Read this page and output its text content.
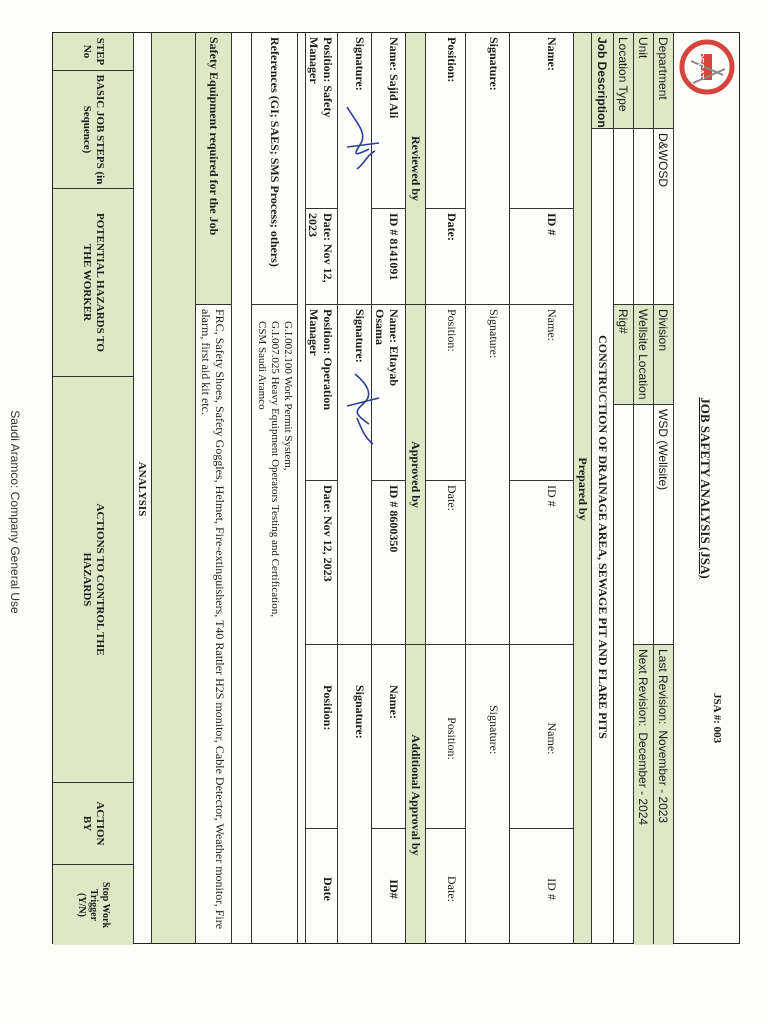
DECAT
JOB SAFETY ANALYSIS (JSA)
JSA #: 003
Department
D&WOSD
Division
WSD (Wellsite)
Last Revision:

November - 2023
Unit
Wellsite Location
Next Revision:

December - 2024
Location Type
Rig#
Job Description
CONSTRUCTION OF DRAINAGE AREA, SEWAGE PIT AND FLARE PITS
Prepared by
Name:
ID #
Name:
ID #
Name:
ID #
Signature:
Signature:
Signature:
Position:
Date:
Position:
Date:
Position:
Date:
Reviewed by
Approved by
Additional Approval by
Name: Sajid Ali
ID # 8141091
Name: Eltayab Osama
ID # 8600350
Name:
ID#
Signature:
Signature:
Signature:
Position: Safety Manager
Date: Nov 12, 2023
Position: Operation Manager
Date: Nov 12, 2023
Position:
Date
References (GI; SAES; SMS Process; others)
G.I.002.100 Work Permit System,
G.I.007.025 Heavy Equipment Operators Testing and Certification,
CSM Saudi Aramco
Safety Equipment required for the Job
FRC, Safety Shoes, Safety Goggles, Helmet, Fire-extinguishers, T40 Rattler H2S monitor, Cable Detector, Weather monitor, Fire alarm, first aid kit etc.
ANALYSIS
STEP No
BASIC JOB STEPS (in Sequence)
POTENTIAL HAZARDS TO THE WORKER
ACTIONS TO CONTROL THE HAZARDS
ACTION BY
Stop Work Trigger (Y/N)
Saudi Aramco: Company General Use
